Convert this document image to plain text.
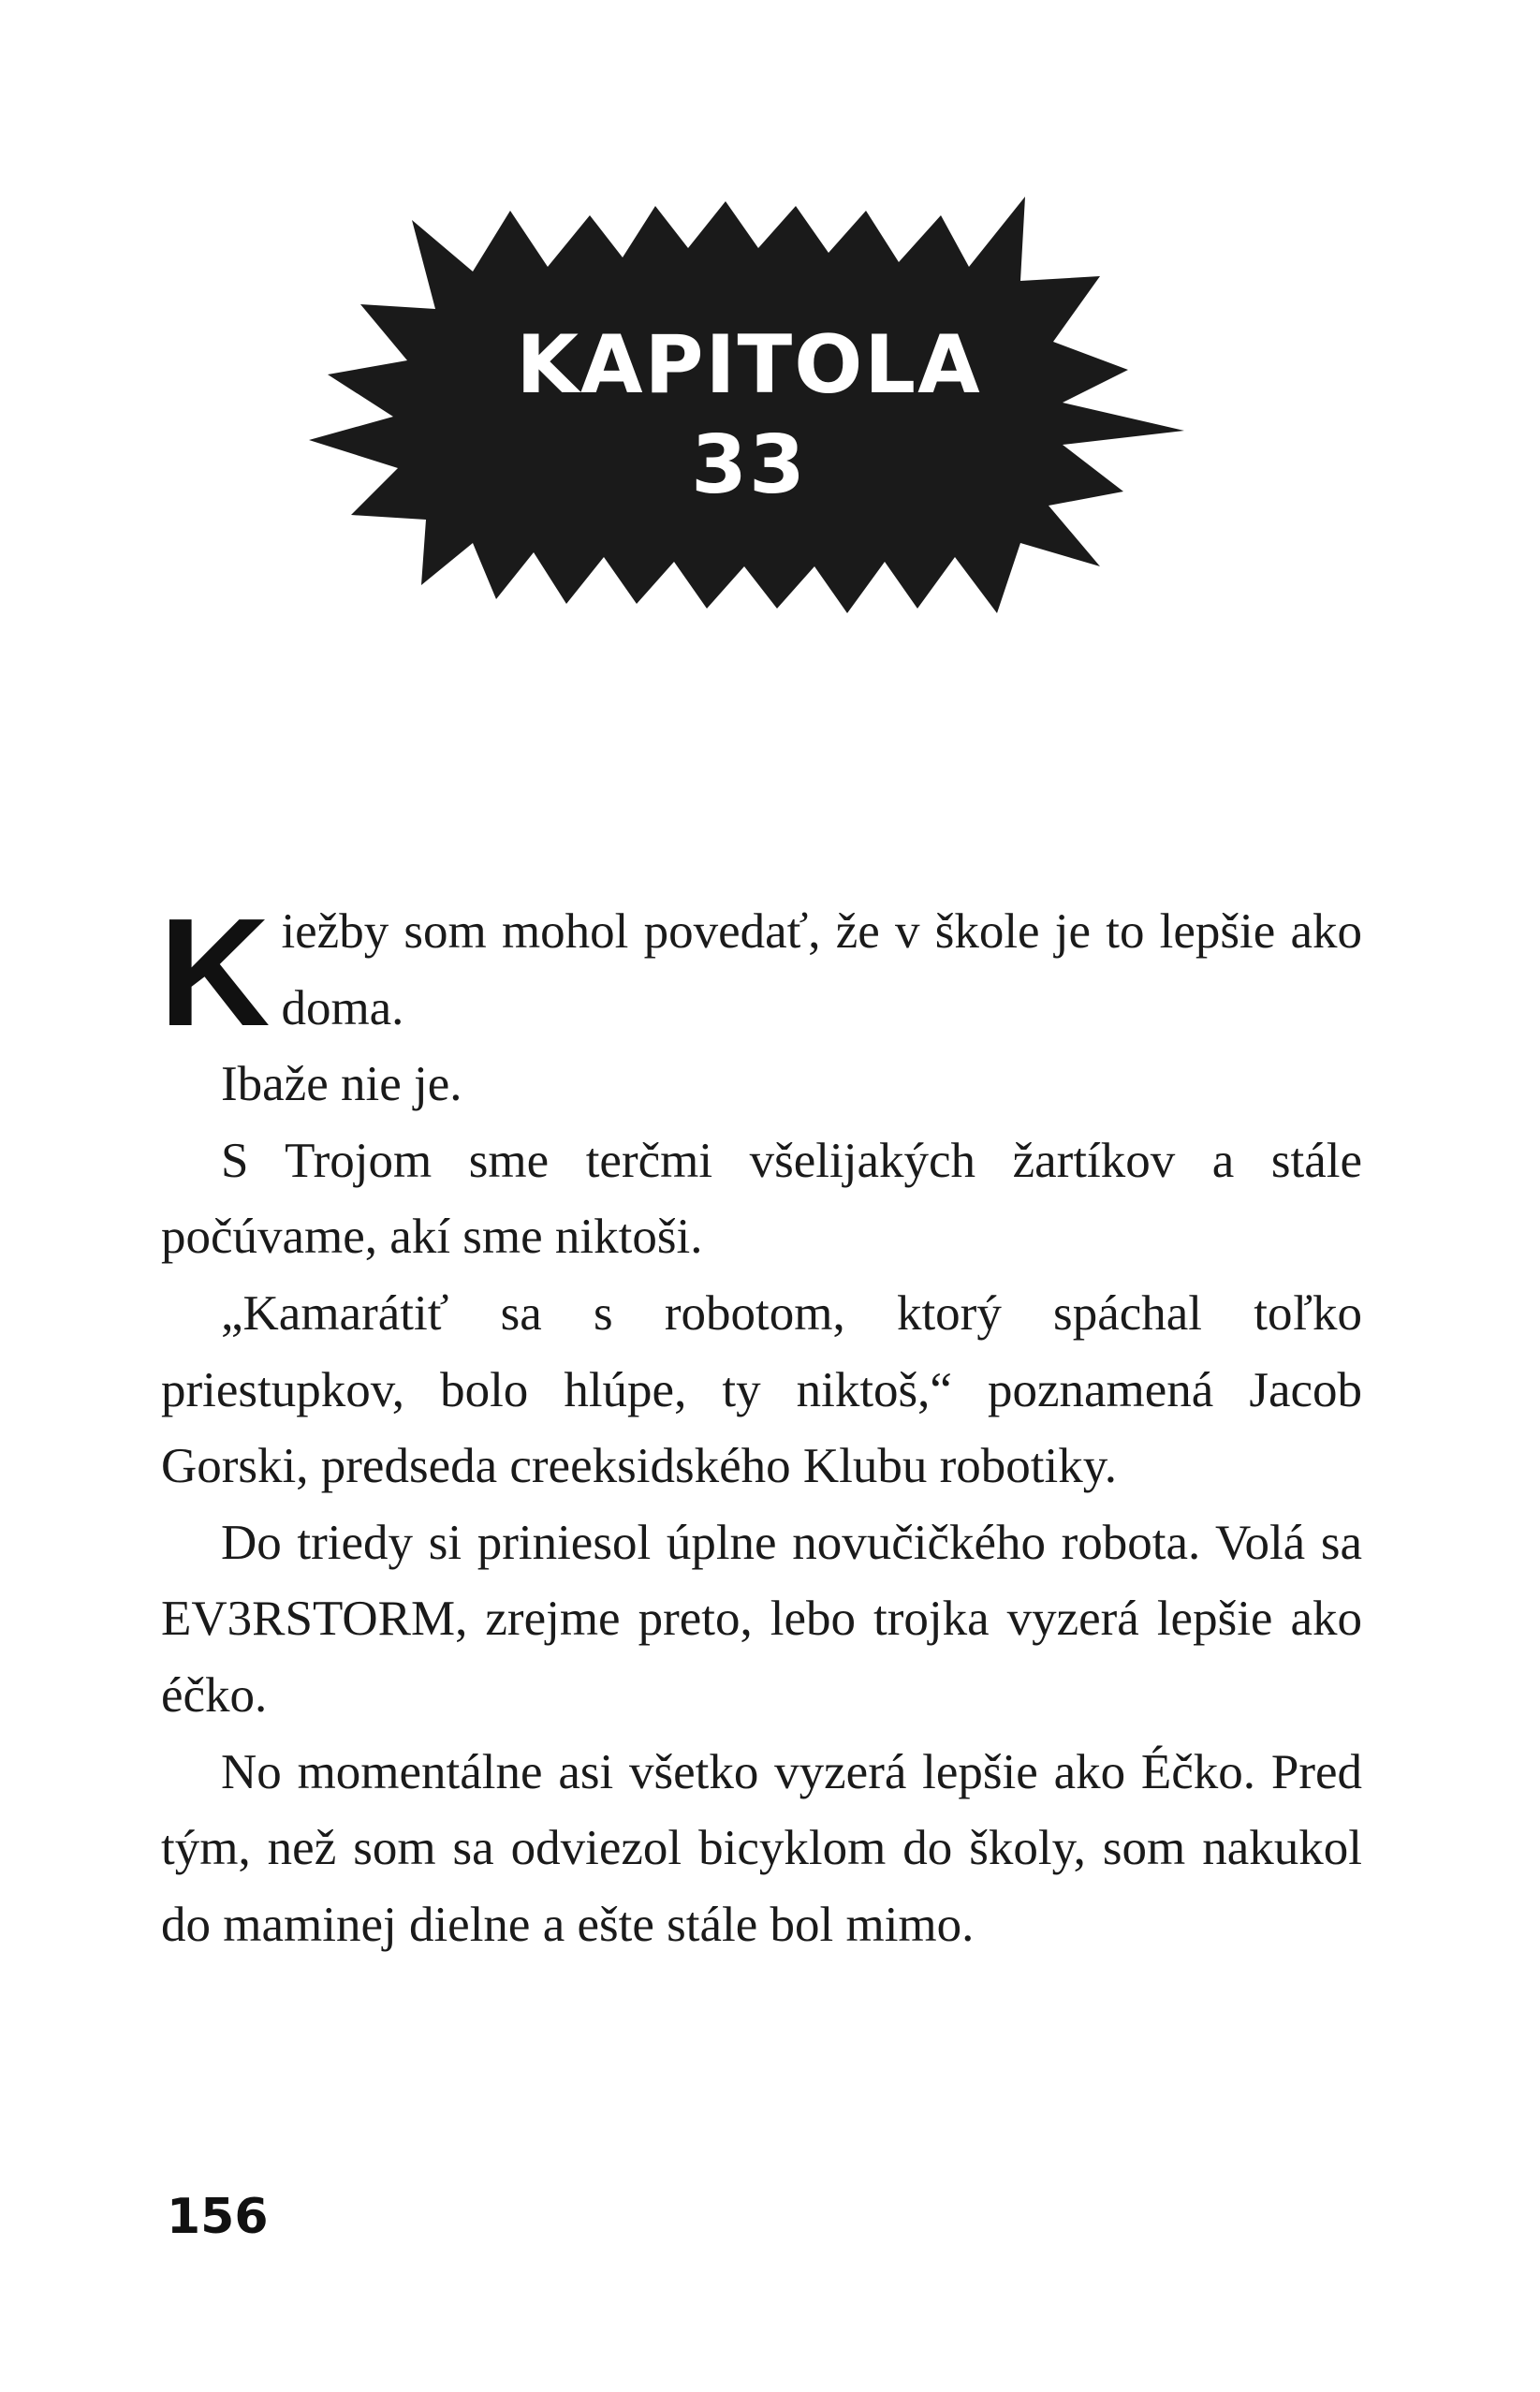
KAPITOLA
33

Kiežby som mohol povedať, že v škole je to lepšie ako doma.

Ibaže nie je.

S Trojom sme terčmi všelijakých žartíkov a stále počúvame, akí sme niktoši.

„Kamarátiť sa s robotom, ktorý spáchal toľko priestupkov, bolo hlúpe, ty niktoš,“ poznamená Jacob Gorski, predseda creeksidského Klubu robotiky.

Do triedy si priniesol úplne novučičkého robota. Volá sa EV3RSTORM, zrejme preto, lebo trojka vyzerá lepšie ako éčko.

No momentálne asi všetko vyzerá lepšie ako Éčko. Pred tým, než som sa odviezol bicyklom do školy, som nakukol do maminej dielne a ešte stále bol mimo.

156
